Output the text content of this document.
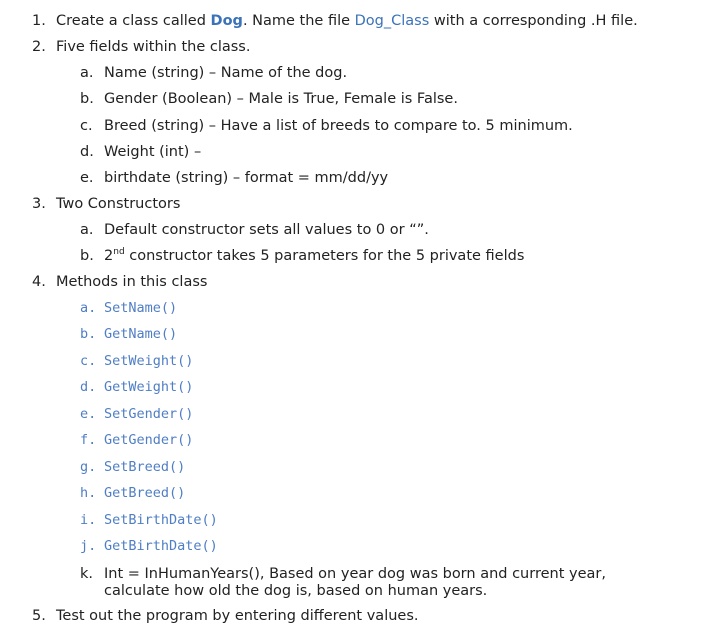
1. Create a class called Dog. Name the file Dog_Class with a corresponding .H file.
2. Five fields within the class.
a. Name (string) – Name of the dog.
b. Gender (Boolean) – Male is True, Female is False.
c. Breed (string) – Have a list of breeds to compare to. 5 minimum.
d. Weight (int) –
e. birthdate (string) – format = mm/dd/yy
3. Two Constructors
a. Default constructor sets all values to 0 or “”.
b. 2nd constructor takes 5 parameters for the 5 private fields
4. Methods in this class
a. SetName()
b. GetName()
c. SetWeight()
d. GetWeight()
e. SetGender()
f. GetGender()
g. SetBreed()
h. GetBreed()
i. SetBirthDate()
j. GetBirthDate()
k. Int = InHumanYears(), Based on year dog was born and current year,
calculate how old the dog is, based on human years.
5. Test out the program by entering different values.
